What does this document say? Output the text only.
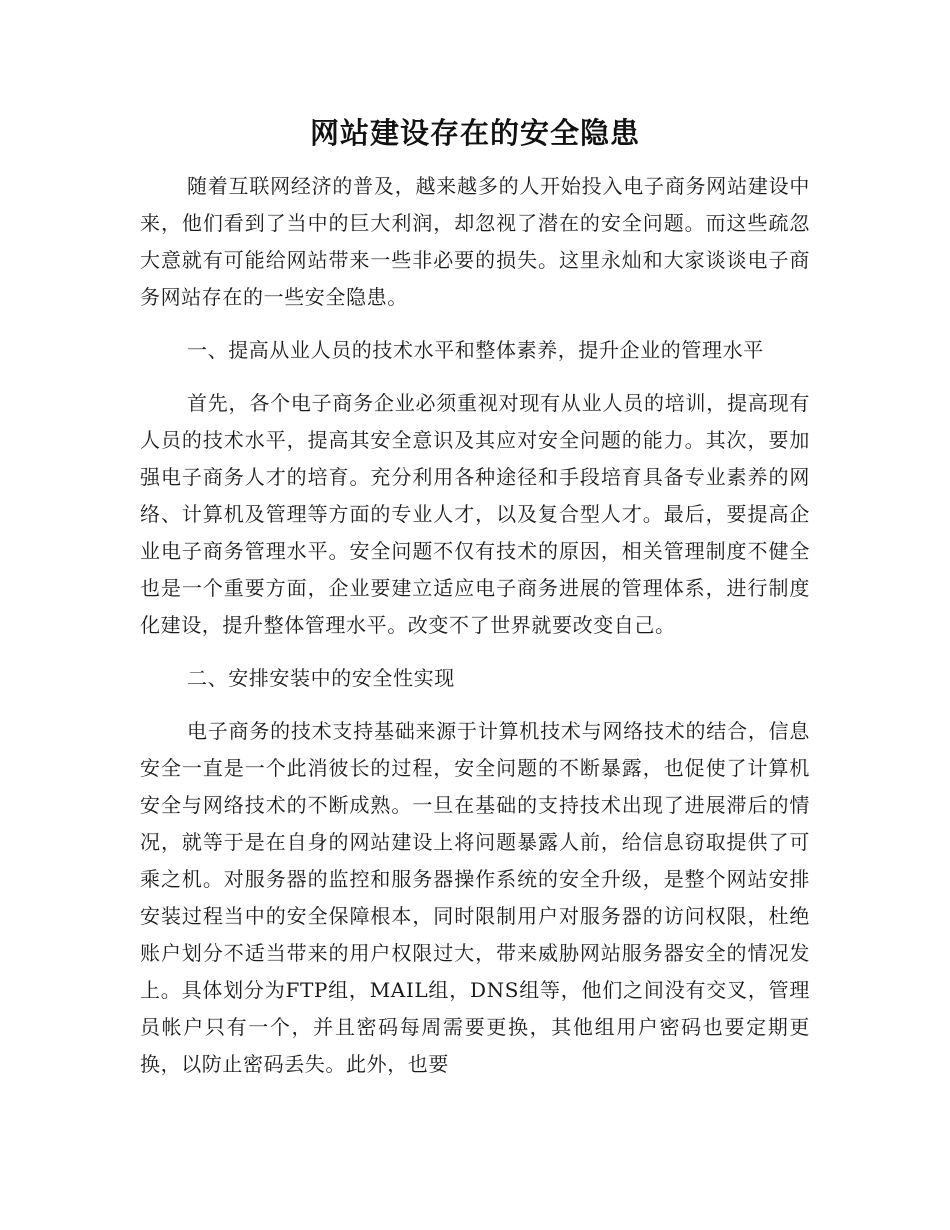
网站建设存在的安全隐患

随着互联网经济的普及，越来越多的人开始投入电子商务网站建设中来，他们看到了当中的巨大利润，却忽视了潜在的安全问题。而这些疏忽大意就有可能给网站带来一些非必要的损失。这里永灿和大家谈谈电子商务网站存在的一些安全隐患。

一、提高从业人员的技术水平和整体素养，提升企业的管理水平

首先，各个电子商务企业必须重视对现有从业人员的培训，提高现有人员的技术水平，提高其安全意识及其应对安全问题的能力。其次，要加强电子商务人才的培育。充分利用各种途径和手段培育具备专业素养的网络、计算机及管理等方面的专业人才，以及复合型人才。最后，要提高企业电子商务管理水平。安全问题不仅有技术的原因，相关管理制度不健全也是一个重要方面，企业要建立适应电子商务进展的管理体系，进行制度化建设，提升整体管理水平。改变不了世界就要改变自己。

二、安排安装中的安全性实现

电子商务的技术支持基础来源于计算机技术与网络技术的结合，信息安全一直是一个此消彼长的过程，安全问题的不断暴露，也促使了计算机安全与网络技术的不断成熟。一旦在基础的支持技术出现了进展滞后的情况，就等于是在自身的网站建设上将问题暴露人前，给信息窃取提供了可乘之机。对服务器的监控和服务器操作系统的安全升级，是整个网站安排安装过程当中的安全保障根本，同时限制用户对服务器的访问权限，杜绝账户划分不适当带来的用户权限过大，带来威胁网站服务器安全的情况发上。具体划分为FTP组，MAIL组，DNS组等，他们之间没有交叉，管理员帐户只有一个，并且密码每周需要更换，其他组用户密码也要定期更换，以防止密码丢失。此外，也要
